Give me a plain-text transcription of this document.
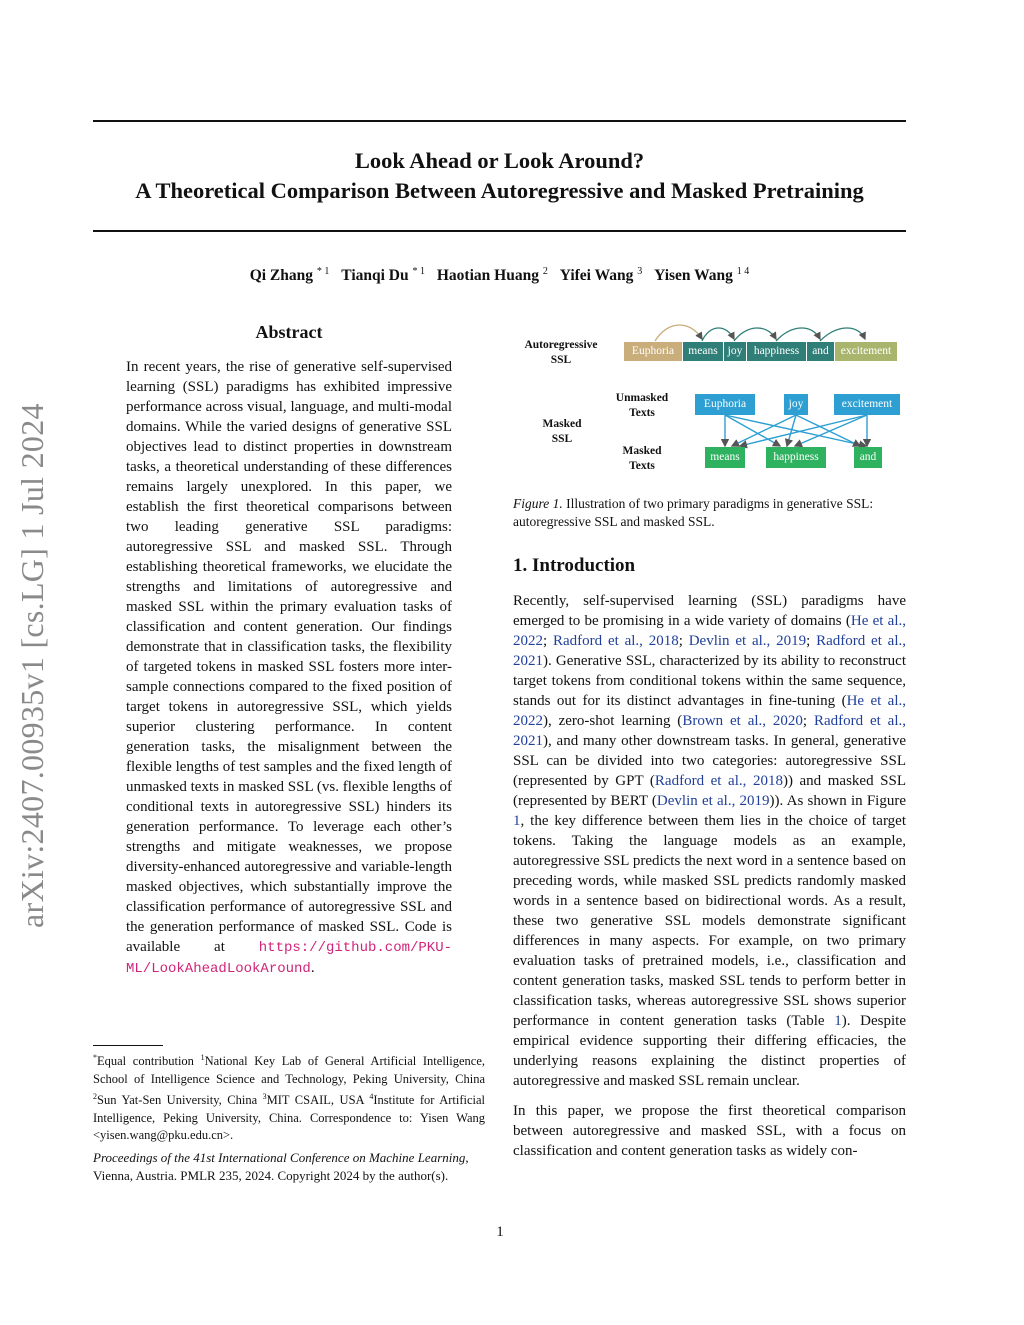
Look Ahead or Look Around?
A Theoretical Comparison Between Autoregressive and Masked Pretraining
Qi Zhang $^{* 1}$ Tianqi Du $^{* 1}$ Haotian Huang $^2$ Yifei Wang $^3$ Yisen Wang $^{1 4}$
arXiv:2407.00935v1 [cs.LG] 1 Jul 2024
Abstract
In recent years, the rise of generative self-supervised learning (SSL) paradigms has exhibited impressive performance across visual, language, and multi-modal domains. While the varied designs of generative SSL objectives lead to distinct properties in downstream tasks, a theoretical understanding of these differences remains largely unexplored. In this paper, we establish the first theoretical comparisons between two leading generative SSL paradigms: autoregressive SSL and masked SSL. Through establishing theoretical frameworks, we elucidate the strengths and limitations of autoregressive and masked SSL within the primary evaluation tasks of classification and content generation. Our findings demonstrate that in classification tasks, the flexibility of targeted tokens in masked SSL fosters more inter-sample connections compared to the fixed position of target tokens in autoregressive SSL, which yields superior clustering performance. In content generation tasks, the misalignment between the flexible lengths of test samples and the fixed length of unmasked texts in masked SSL (vs. flexible lengths of conditional texts in autoregressive SSL) hinders its generation performance. To leverage each other’s strengths and mitigate weaknesses, we propose diversity-enhanced autoregressive and variable-length masked objectives, which substantially improve the classification performance of autoregressive SSL and the generation performance of masked SSL. Code is available at https://github.com/PKU-ML/LookAheadLookAround.
*Equal contribution $^1$National Key Lab of General Artificial Intelligence, School of Intelligence Science and Technology, Peking University, China $^2$Sun Yat-Sen University, China $^3$MIT CSAIL, USA $^4$Institute for Artificial Intelligence, Peking University, China. Correspondence to: Yisen Wang <yisen.wang@pku.edu.cn>.
Proceedings of the 41st International Conference on Machine Learning, Vienna, Austria. PMLR 235, 2024. Copyright 2024 by the author(s).
Autoregressive SSL
Masked SSL
Unmasked Texts
Masked Texts
Euphoria	means joy happiness	and	excitement
Euphoria	joy	excitement
means	happiness	and
Figure 1. Illustration of two primary paradigms in generative SSL: autoregressive SSL and masked SSL.
1. Introduction

Recently, self-supervised learning (SSL) paradigms have emerged to be promising in a wide variety of domains (He et al., 2022; Radford et al., 2018; Devlin et al., 2019; Radford et al., 2021). Generative SSL, characterized by its ability to reconstruct target tokens from conditional tokens within the same sequence, stands out for its distinct advantages in fine-tuning (He et al., 2022), zero-shot learning (Brown et al., 2020; Radford et al., 2021), and many other downstream tasks. In general, generative SSL can be divided into two categories: autoregressive SSL (represented by GPT (Radford et al., 2018)) and masked SSL (represented by BERT (Devlin et al., 2019)). As shown in Figure 1, the key difference between them lies in the choice of target tokens. Taking the language models as an example, autoregressive SSL predicts the next word in a sentence based on preceding words, while masked SSL predicts randomly masked words in a sentence based on bidirectional words. As a result, these two generative SSL models demonstrate significant differences in many aspects. For example, on two primary evaluation tasks of pretrained models, i.e., classification and content generation tasks, masked SSL tends to perform better in classification tasks, whereas autoregressive SSL shows superior performance in content generation tasks (Table 1). Despite empirical evidence supporting their differing efficacies, the underlying reasons explaining the distinct properties of autoregressive and masked SSL remain unclear.

In this paper, we propose the first theoretical comparison between autoregressive and masked SSL, with a focus on classification and content generation tasks as widely con-

1
